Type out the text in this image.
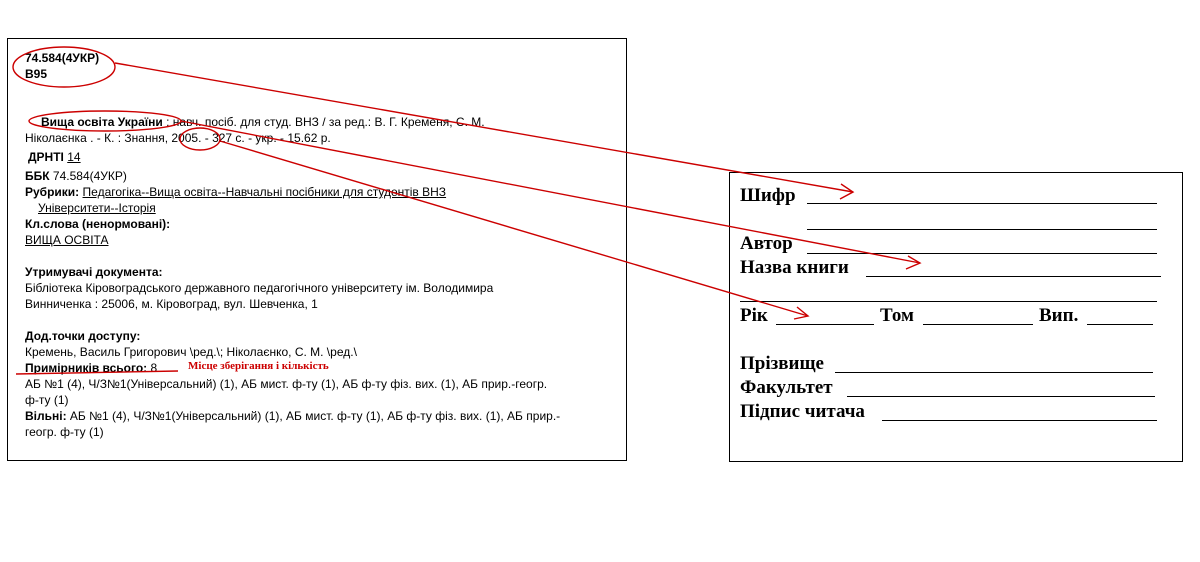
74.584(4УКР)
В95
Вища освіта України : навч. посіб. для студ. ВНЗ / за ред.: В. Г. Кременя, С. М.
Ніколаєнка . - К. : Знання, 2005. - 327 с. - укр. - 15.62 р.
ДРНТІ 14
ББК 74.584(4УКР)
Рубрики: Педагогіка--Вища освіта--Навчальні посібники для студентів ВНЗ
Університети--Історія
Кл.слова (ненормовані):
ВИЩА ОСВІТА
Утримувачі документа:
Бібліотека Кіровоградського державного педагогічного університету ім. Володимира
Винниченка : 25006, м. Кіровоград, вул. Шевченка, 1
Дод.точки доступу:
Кремень, Василь Григорович \ред.\; Ніколаєнко, С. М. \ред.\
Примірників всього: 8	Місце зберігання і кількість
АБ №1 (4), Ч/З№1(Універсальний) (1), АБ мист. ф-ту (1), АБ ф-ту фіз. вих. (1), АБ прир.-геогр.
ф-ту (1)
Вільні: АБ №1 (4), Ч/З№1(Універсальний) (1), АБ мист. ф-ту (1), АБ ф-ту фіз. вих. (1), АБ прир.-
геогр. ф-ту (1)
Шифр
Автор
Назва книги
Рік	Том	Вип.
Прізвище
Факультет
Підпис читача
